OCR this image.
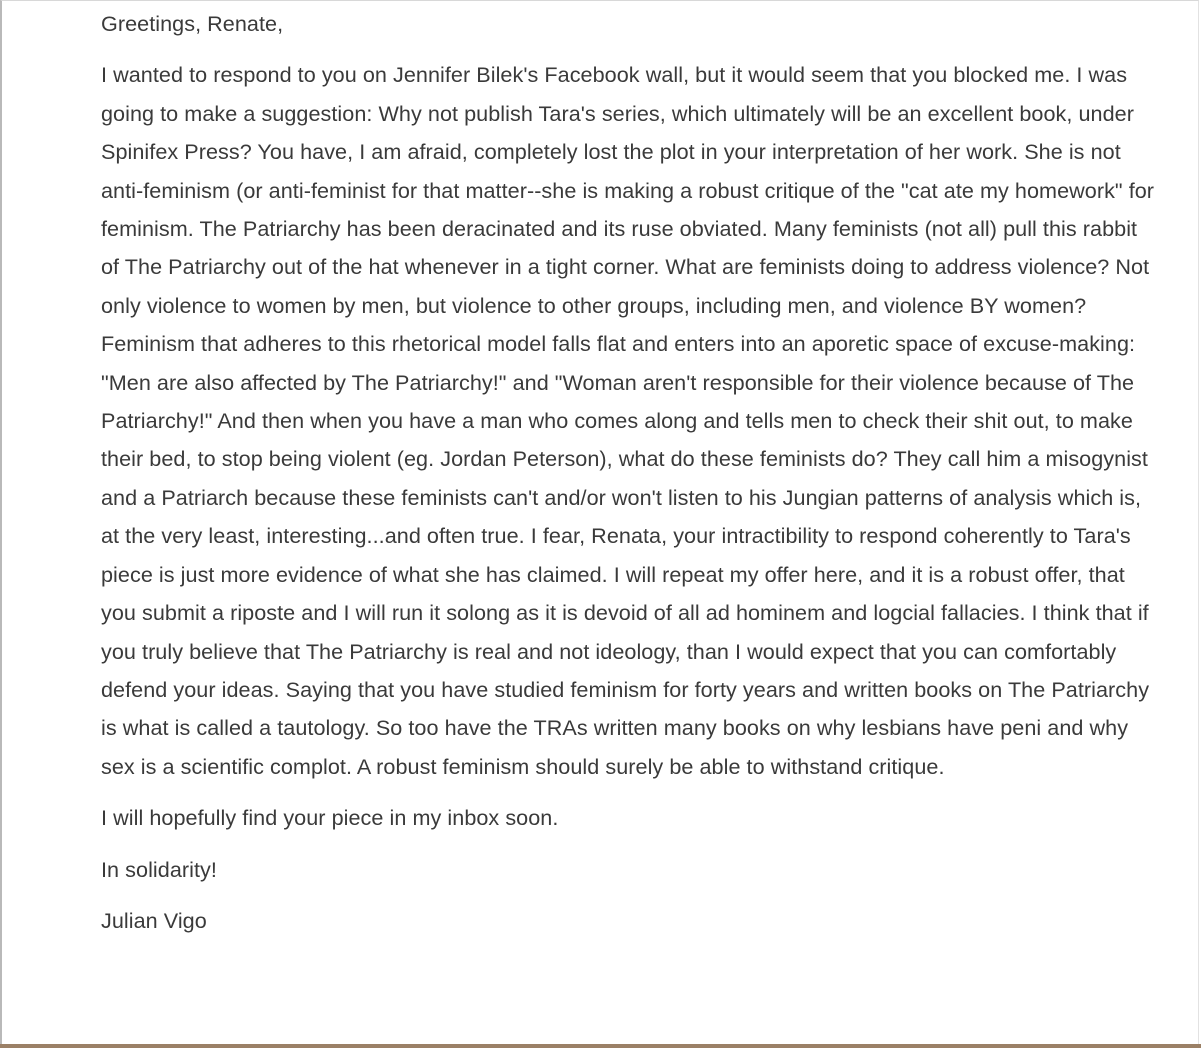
Greetings, Renate,

I wanted to respond to you on Jennifer Bilek's Facebook wall, but it would seem that you blocked me. I was going to make a suggestion: Why not publish Tara's series, which ultimately will be an excellent book, under Spinifex Press? You have, I am afraid, completely lost the plot in your interpretation of her work. She is not anti-feminism (or anti-feminist for that matter--she is making a robust critique of the "cat ate my homework" for feminism. The Patriarchy has been deracinated and its ruse obviated. Many feminists (not all) pull this rabbit of The Patriarchy out of the hat whenever in a tight corner. What are feminists doing to address violence? Not only violence to women by men, but violence to other groups, including men, and violence BY women? Feminism that adheres to this rhetorical model falls flat and enters into an aporetic space of excuse-making: "Men are also affected by The Patriarchy!" and "Woman aren't responsible for their violence because of The Patriarchy!" And then when you have a man who comes along and tells men to check their shit out, to make their bed, to stop being violent (eg. Jordan Peterson), what do these feminists do? They call him a misogynist and a Patriarch because these feminists can't and/or won't listen to his Jungian patterns of analysis which is, at the very least, interesting...and often true. I fear, Renata, your intractibility to respond coherently to Tara's piece is just more evidence of what she has claimed. I will repeat my offer here, and it is a robust offer, that you submit a riposte and I will run it solong as it is devoid of all ad hominem and logcial fallacies. I think that if you truly believe that The Patriarchy is real and not ideology, than I would expect that you can comfortably defend your ideas. Saying that you have studied feminism for forty years and written books on The Patriarchy is what is called a tautology. So too have the TRAs written many books on why lesbians have peni and why sex is a scientific complot. A robust feminism should surely be able to withstand critique.

I will hopefully find your piece in my inbox soon.

In solidarity!

Julian Vigo
